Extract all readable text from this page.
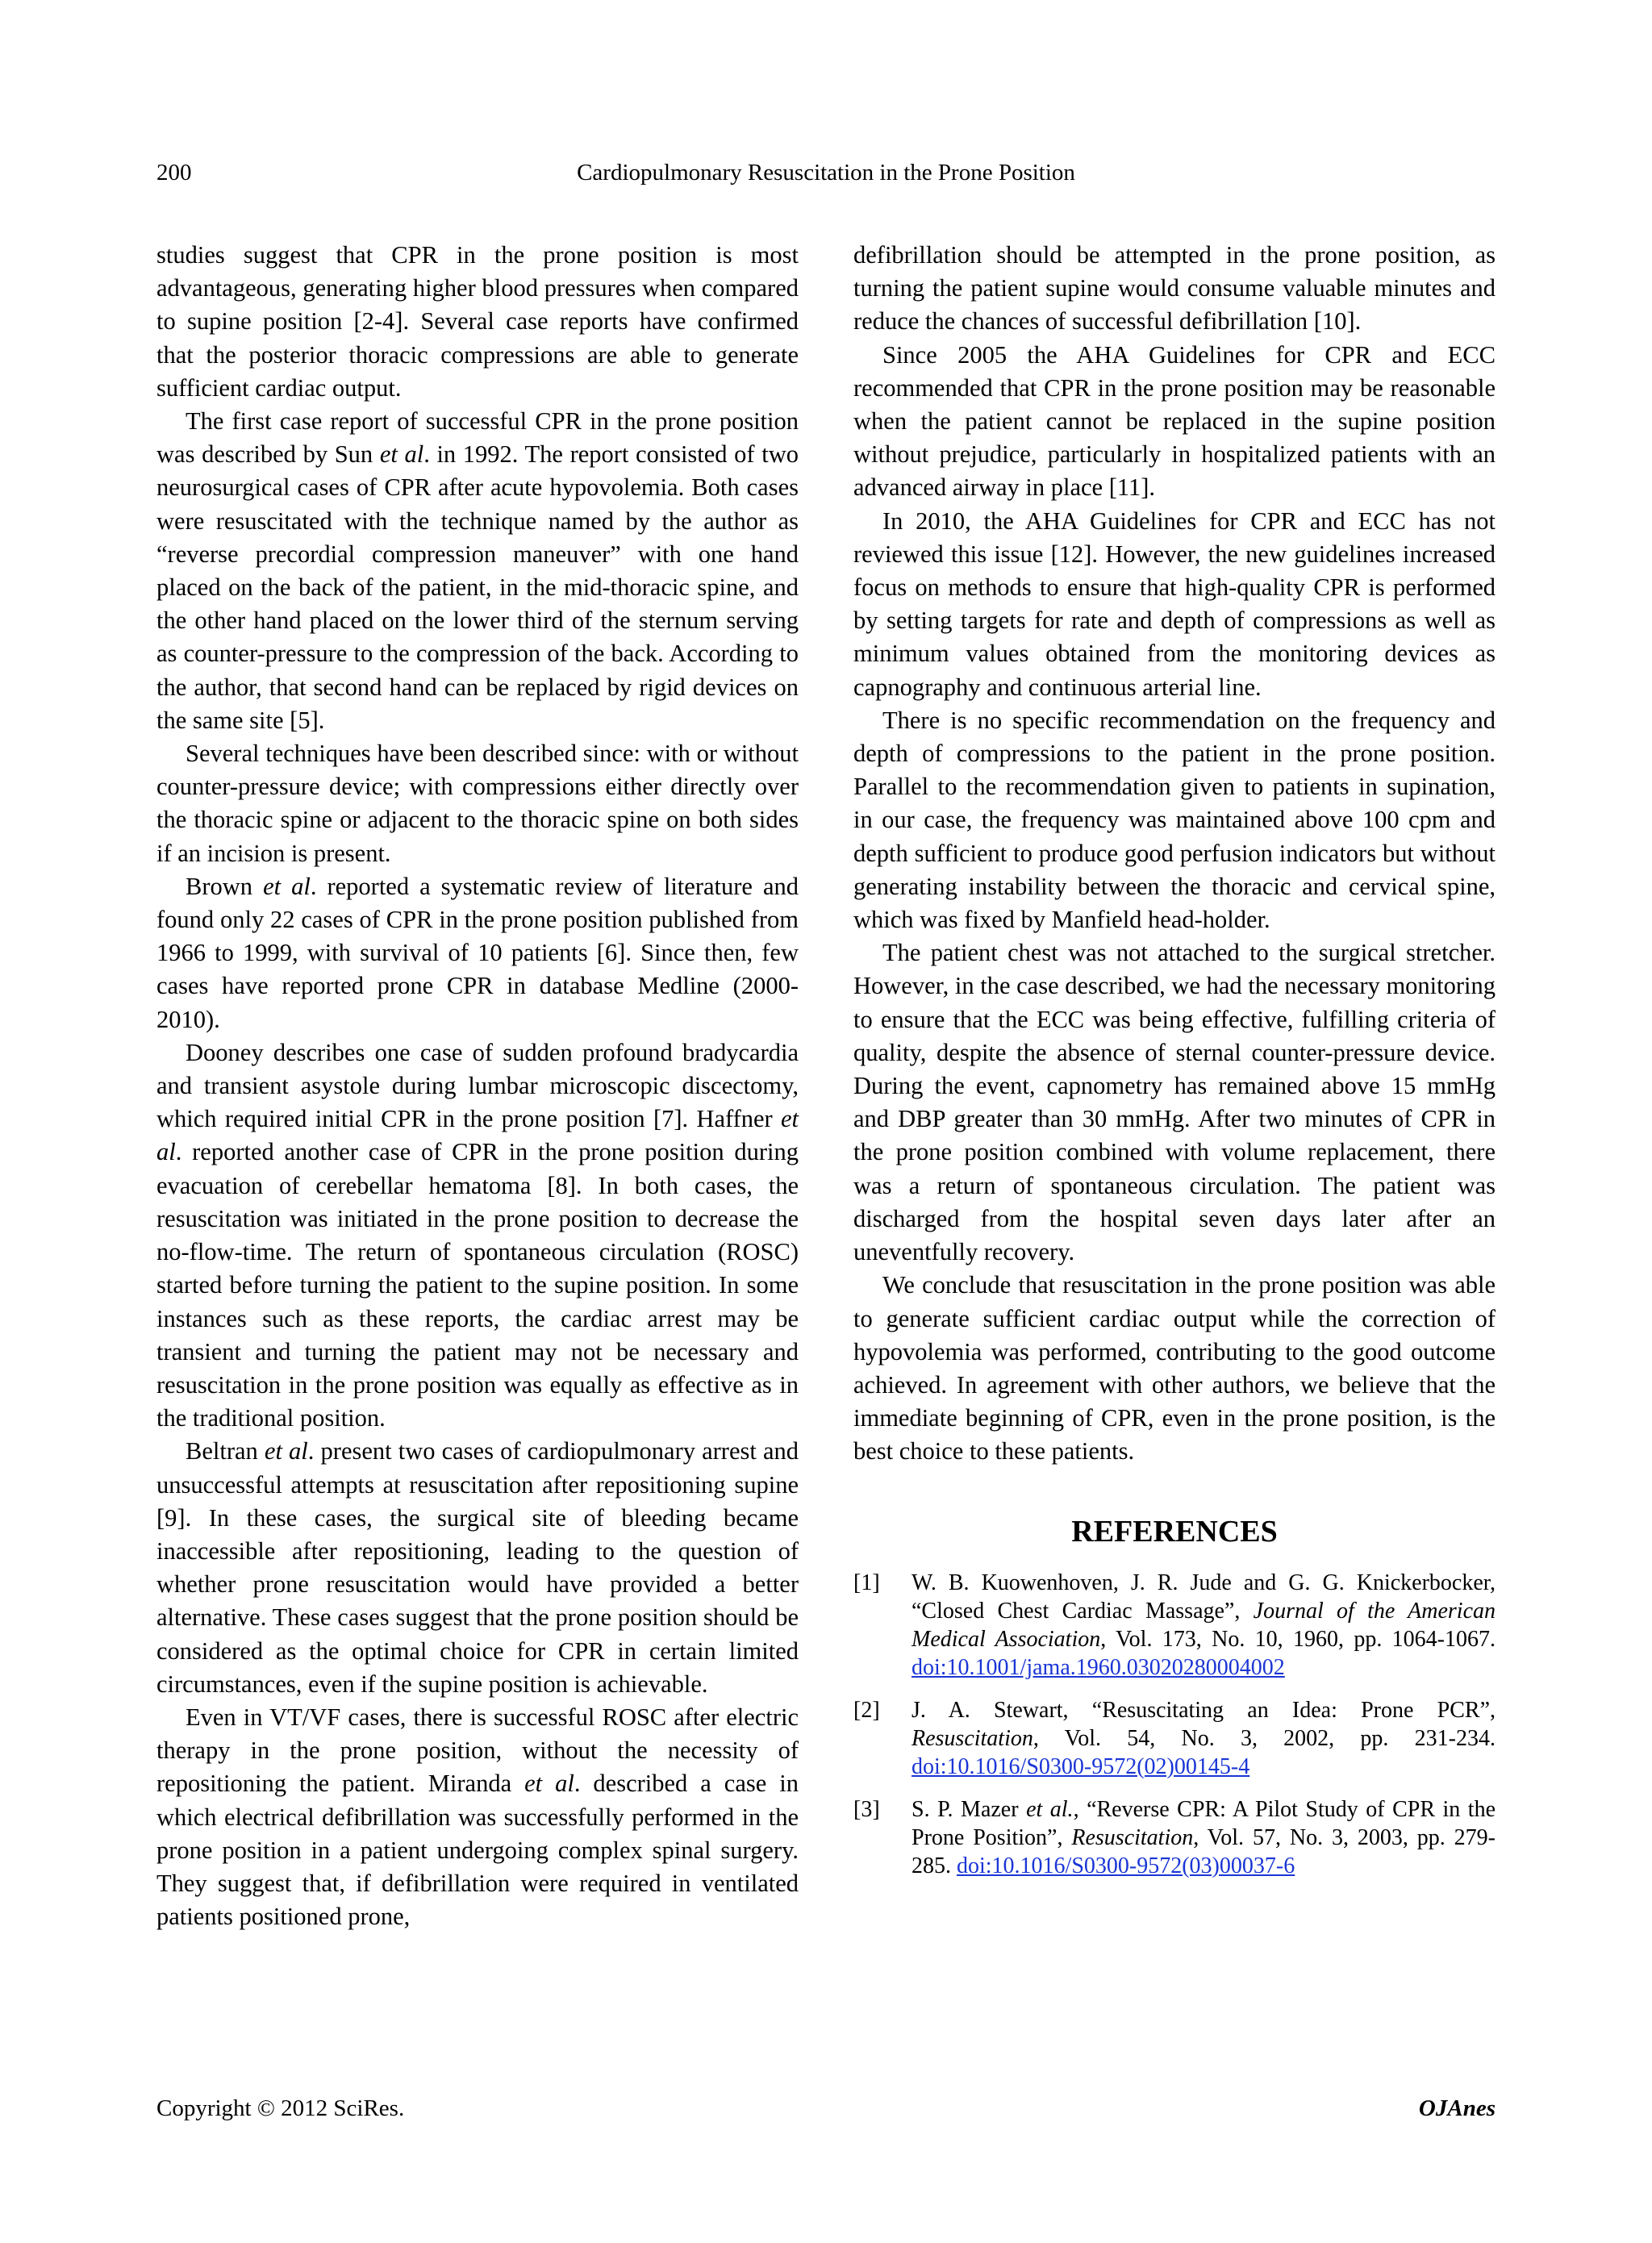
200	Cardiopulmonary Resuscitation in the Prone Position

studies suggest that CPR in the prone position is most advantageous, generating higher blood pressures when compared to supine position [2-4]. Several case reports have confirmed that the posterior thoracic compressions are able to generate sufficient cardiac output.

The first case report of successful CPR in the prone position was described by Sun et al. in 1992. The report consisted of two neurosurgical cases of CPR after acute hypovolemia. Both cases were resuscitated with the technique named by the author as “reverse precordial compression maneuver” with one hand placed on the back of the patient, in the mid-thoracic spine, and the other hand placed on the lower third of the sternum serving as counter-pressure to the compression of the back. According to the author, that second hand can be replaced by rigid devices on the same site [5].

Several techniques have been described since: with or without counter-pressure device; with compressions either directly over the thoracic spine or adjacent to the thoracic spine on both sides if an incision is present.

Brown et al. reported a systematic review of literature and found only 22 cases of CPR in the prone position published from 1966 to 1999, with survival of 10 patients [6]. Since then, few cases have reported prone CPR in database Medline (2000-2010).

Dooney describes one case of sudden profound bradycardia and transient asystole during lumbar microscopic discectomy, which required initial CPR in the prone position [7]. Haffner et al. reported another case of CPR in the prone position during evacuation of cerebellar hematoma [8]. In both cases, the resuscitation was initiated in the prone position to decrease the no-flow-time. The return of spontaneous circulation (ROSC) started before turning the patient to the supine position. In some instances such as these reports, the cardiac arrest may be transient and turning the patient may not be necessary and resuscitation in the prone position was equally as effective as in the traditional position.

Beltran et al. present two cases of cardiopulmonary arrest and unsuccessful attempts at resuscitation after repositioning supine [9]. In these cases, the surgical site of bleeding became inaccessible after repositioning, leading to the question of whether prone resuscitation would have provided a better alternative. These cases suggest that the prone position should be considered as the optimal choice for CPR in certain limited circumstances, even if the supine position is achievable.

Even in VT/VF cases, there is successful ROSC after electric therapy in the prone position, without the necessity of repositioning the patient. Miranda et al. described a case in which electrical defibrillation was successfully performed in the prone position in a patient undergoing complex spinal surgery. They suggest that, if defibrillation were required in ventilated patients positioned prone,

defibrillation should be attempted in the prone position, as turning the patient supine would consume valuable minutes and reduce the chances of successful defibrillation [10].

Since 2005 the AHA Guidelines for CPR and ECC recommended that CPR in the prone position may be reasonable when the patient cannot be replaced in the supine position without prejudice, particularly in hospitalized patients with an advanced airway in place [11].

In 2010, the AHA Guidelines for CPR and ECC has not reviewed this issue [12]. However, the new guidelines increased focus on methods to ensure that high-quality CPR is performed by setting targets for rate and depth of compressions as well as minimum values obtained from the monitoring devices as capnography and continuous arterial line.

There is no specific recommendation on the frequency and depth of compressions to the patient in the prone position. Parallel to the recommendation given to patients in supination, in our case, the frequency was maintained above 100 cpm and depth sufficient to produce good perfusion indicators but without generating instability between the thoracic and cervical spine, which was fixed by Manfield head-holder.

The patient chest was not attached to the surgical stretcher. However, in the case described, we had the necessary monitoring to ensure that the ECC was being effective, fulfilling criteria of quality, despite the absence of sternal counter-pressure device. During the event, capnometry has remained above 15 mmHg and DBP greater than 30 mmHg. After two minutes of CPR in the prone position combined with volume replacement, there was a return of spontaneous circulation. The patient was discharged from the hospital seven days later after an uneventfully recovery.

We conclude that resuscitation in the prone position was able to generate sufficient cardiac output while the correction of hypovolemia was performed, contributing to the good outcome achieved. In agreement with other authors, we believe that the immediate beginning of CPR, even in the prone position, is the best choice to these patients.

REFERENCES
[1]	W. B. Kuowenhoven, J. R. Jude and G. G. Knickerbocker, “Closed Chest Cardiac Massage”, Journal of the American Medical Association, Vol. 173, No. 10, 1960, pp. 1064-1067. doi:10.1001/jama.1960.03020280004002
[2]	J. A. Stewart, “Resuscitating an Idea: Prone PCR”, Resuscitation, Vol. 54, No. 3, 2002, pp. 231-234. doi:10.1016/S0300-9572(02)00145-4
[3]	S. P. Mazer et al., “Reverse CPR: A Pilot Study of CPR in the Prone Position”, Resuscitation, Vol. 57, No. 3, 2003, pp. 279-285. doi:10.1016/S0300-9572(03)00037-6
Copyright © 2012 SciRes.	OJAnes
